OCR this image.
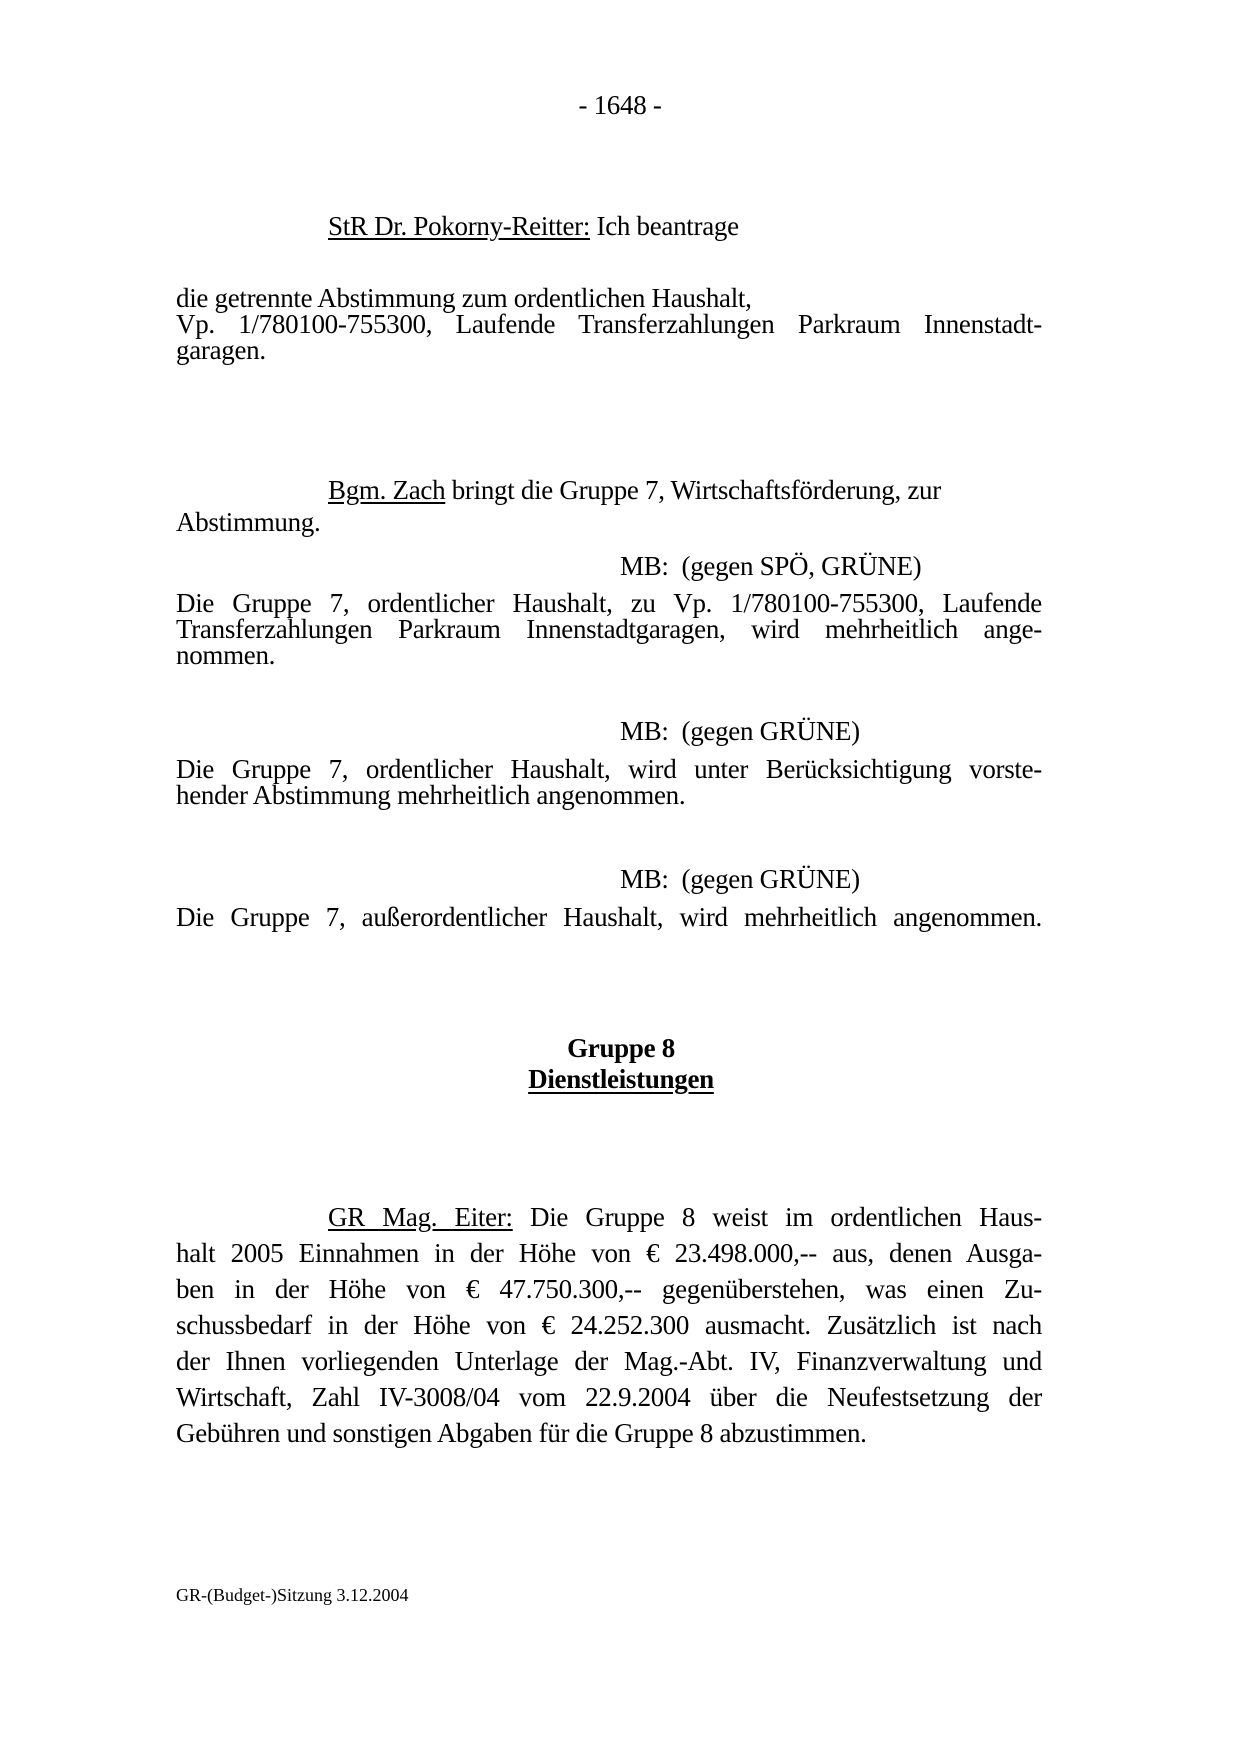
- 1648 -
StR Dr. Pokorny-Reitter: Ich beantrage
die getrennte Abstimmung zum ordentlichen Haushalt,
Vp. 1/780100-755300, Laufende Transferzahlungen Parkraum Innenstadt-
garagen.
Bgm. Zach bringt die Gruppe 7, Wirtschaftsförderung, zur
Abstimmung.
MB:  (gegen SPÖ, GRÜNE)
Die Gruppe 7, ordentlicher Haushalt, zu Vp. 1/780100-755300, Laufende
Transferzahlungen Parkraum Innenstadtgaragen, wird mehrheitlich ange-
nommen.
MB:  (gegen GRÜNE)
Die Gruppe 7, ordentlicher Haushalt, wird unter Berücksichtigung vorste-
hender Abstimmung mehrheitlich angenommen.
MB:  (gegen GRÜNE)
Die Gruppe 7, außerordentlicher Haushalt, wird mehrheitlich angenommen.
Gruppe 8
Dienstleistungen
GR Mag. Eiter: Die Gruppe 8 weist im ordentlichen Haus-
halt 2005 Einnahmen in der Höhe von € 23.498.000,-- aus, denen Ausga-
ben in der Höhe von € 47.750.300,-- gegenüberstehen, was einen Zu-
schussbedarf in der Höhe von € 24.252.300 ausmacht. Zusätzlich ist nach
der Ihnen vorliegenden Unterlage der Mag.-Abt. IV, Finanzverwaltung und
Wirtschaft, Zahl IV-3008/04 vom 22.9.2004 über die Neufestsetzung der
Gebühren und sonstigen Abgaben für die Gruppe 8 abzustimmen.
GR-(Budget-)Sitzung 3.12.2004
